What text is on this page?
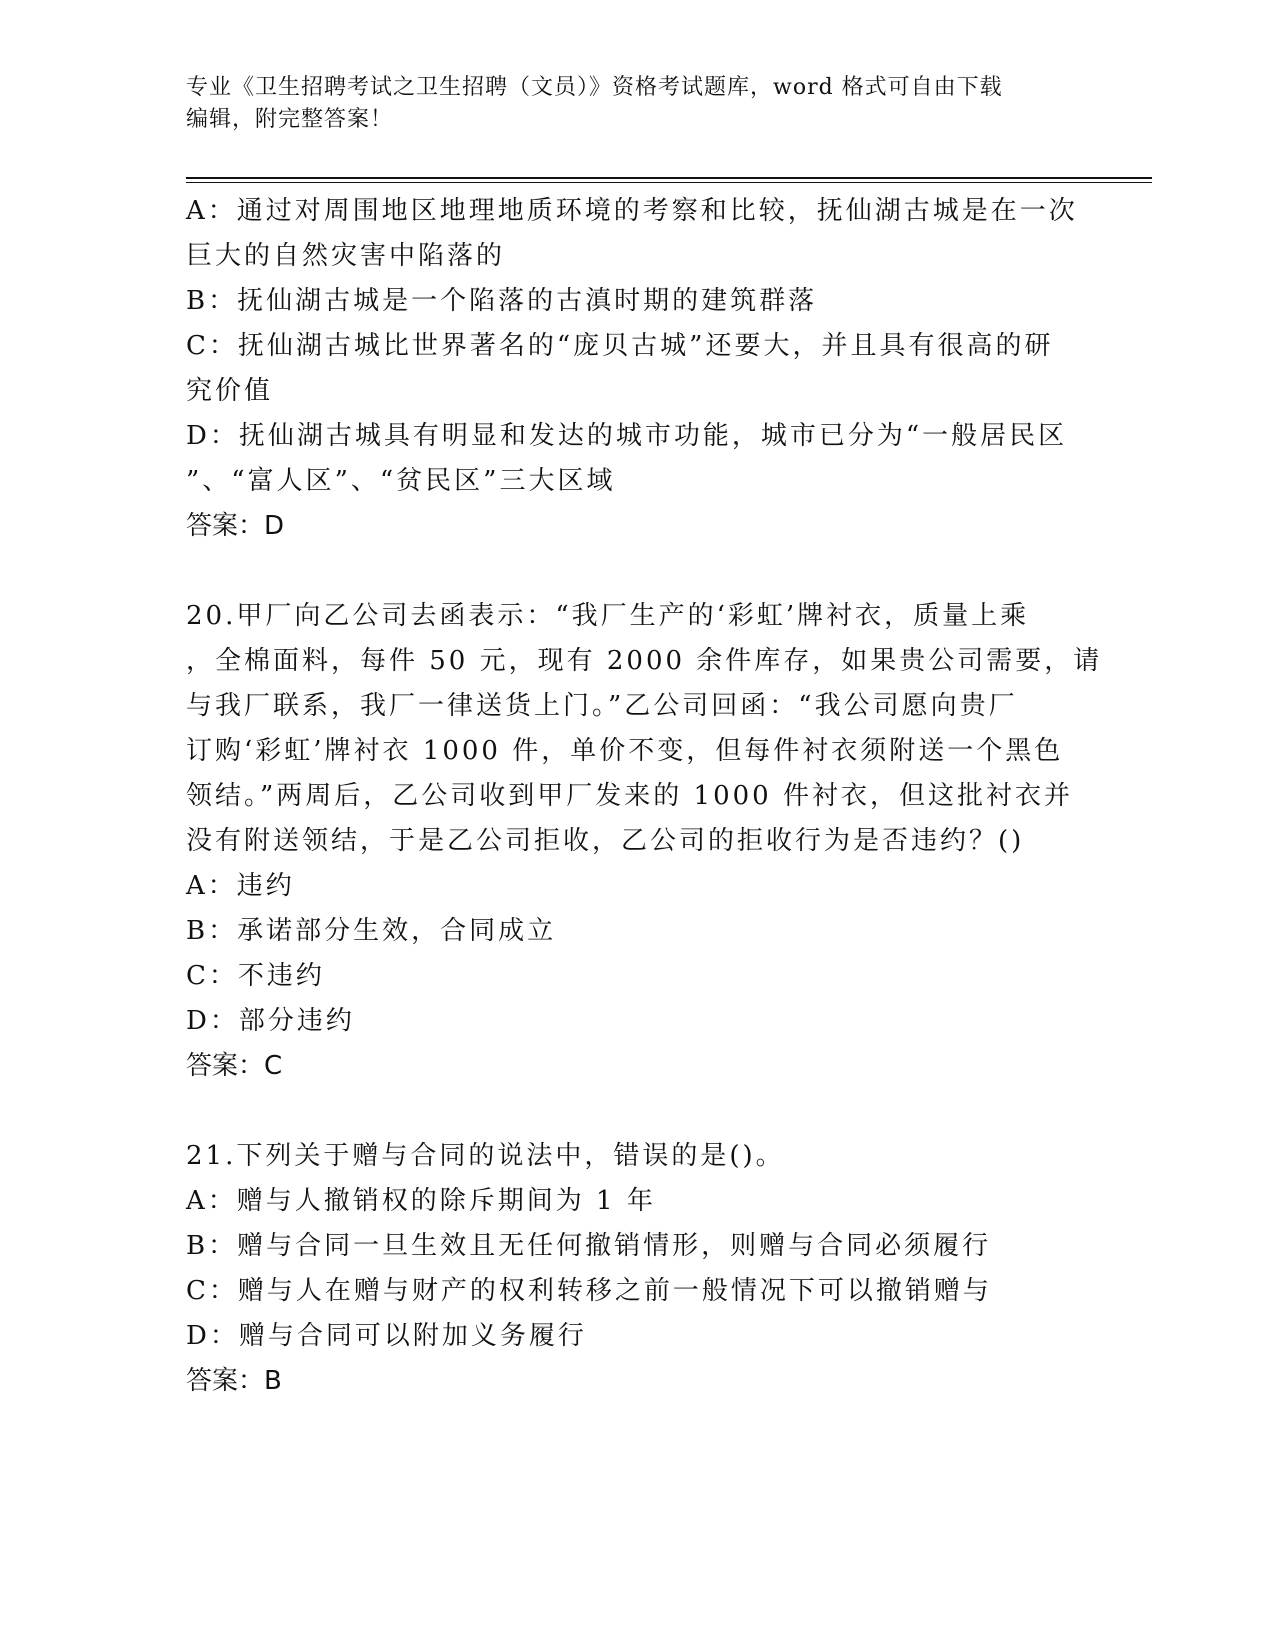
专业《卫生招聘考试之卫生招聘（文员）》资格考试题库，word 格式可自由下载
编辑，附完整答案！
A：通过对周围地区地理地质环境的考察和比较，抚仙湖古城是在一次
巨大的自然灾害中陷落的
B：抚仙湖古城是一个陷落的古滇时期的建筑群落
C：抚仙湖古城比世界著名的“庞贝古城”还要大，并且具有很高的研
究价值
D：抚仙湖古城具有明显和发达的城市功能，城市已分为“一般居民区
”、“富人区”、“贫民区”三大区域
答案：D
20.甲厂向乙公司去函表示：“我厂生产的‘彩虹’牌衬衣，质量上乘
，全棉面料，每件 50 元，现有 2000 余件库存，如果贵公司需要，请
与我厂联系，我厂一律送货上门。”乙公司回函：“我公司愿向贵厂
订购‘彩虹’牌衬衣 1000 件，单价不变，但每件衬衣须附送一个黑色
领结。”两周后，乙公司收到甲厂发来的 1000 件衬衣，但这批衬衣并
没有附送领结，于是乙公司拒收，乙公司的拒收行为是否违约？()
A：违约
B：承诺部分生效，合同成立
C：不违约
D：部分违约
答案：C
21.下列关于赠与合同的说法中，错误的是()。
A：赠与人撤销权的除斥期间为 1 年
B：赠与合同一旦生效且无任何撤销情形，则赠与合同必须履行
C：赠与人在赠与财产的权利转移之前一般情况下可以撤销赠与
D：赠与合同可以附加义务履行
答案：B
